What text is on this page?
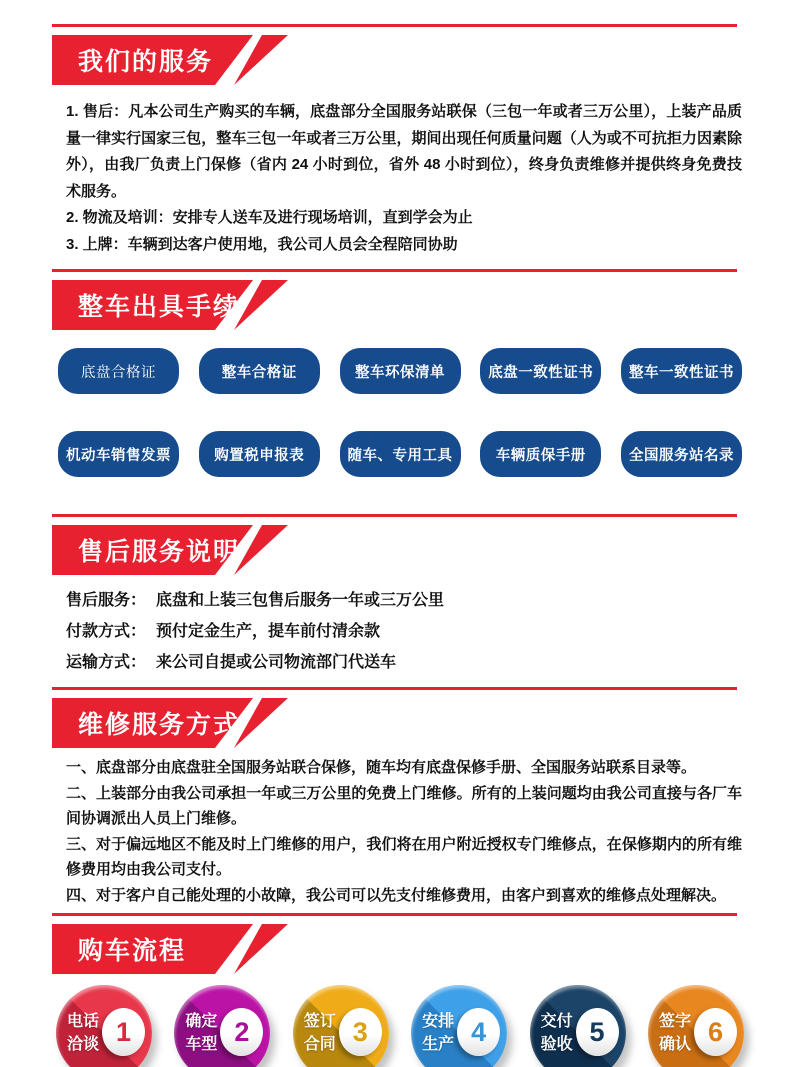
我们的服务
1. 售后：凡本公司生产购买的车辆，底盘部分全国服务站联保（三包一年或者三万公里），上装产品质量一律实行国家三包，整车三包一年或者三万公里，期间出现任何质量问题（人为或不可抗拒力因素除外），由我厂负责上门保修（省内 24 小时到位，省外 48 小时到位），终身负责维修并提供终身免费技术服务。
2. 物流及培训：安排专人送车及进行现场培训，直到学会为止
3. 上牌：车辆到达客户使用地，我公司人员会全程陪同协助
整车出具手续
底盘合格证	整车合格证	整车环保清单	底盘一致性证书	整车一致性证书
机动车销售发票	购置税申报表	随车、专用工具	车辆质保手册	全国服务站名录
售后服务说明
售后服务： 底盘和上装三包售后服务一年或三万公里
付款方式： 预付定金生产，提车前付清余款
运输方式： 来公司自提或公司物流部门代送车
维修服务方式
一、底盘部分由底盘驻全国服务站联合保修，随车均有底盘保修手册、全国服务站联系目录等。
二、上装部分由我公司承担一年或三万公里的免费上门维修。所有的上装问题均由我公司直接与各厂车间协调派出人员上门维修。
三、对于偏远地区不能及时上门维修的用户，我们将在用户附近授权专门维修点，在保修期内的所有维修费用均由我公司支付。
四、对于客户自己能处理的小故障，我公司可以先支付维修费用，由客户到喜欢的维修点处理解决。
购车流程
电话
洽谈 1	确定
车型 2	签订
合同 3	安排
生产 4	交付
验收 5	签字
确认 6
